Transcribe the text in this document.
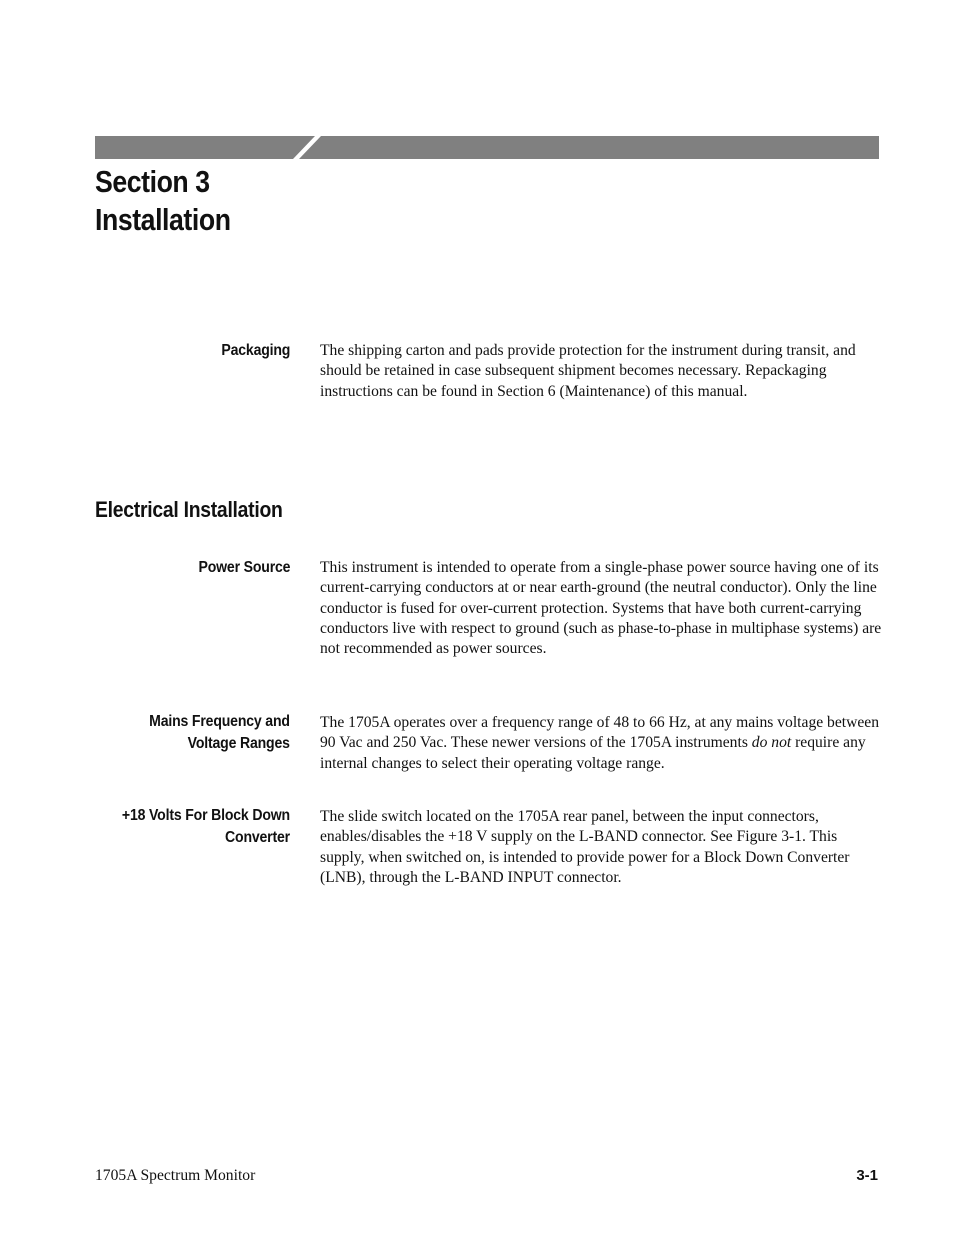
Section 3
Installation
Packaging The shipping carton and pads provide protection for the instrument during transit, and should be retained in case subsequent shipment becomes necessary. Repackaging instructions can be found in Section 6 (Maintenance) of this manual.

Electrical Installation
Power Source This instrument is intended to operate from a single-phase power source having one of its current-carrying conductors at or near earth-ground (the neutral conductor). Only the line conductor is fused for over-current protection. Systems that have both current-carrying conductors live with respect to ground (such as phase-to-phase in multiphase systems) are not recommended as power sources.

Mains Frequency and
Voltage Ranges

The 1705A operates over a frequency range of 48 to 66 Hz, at any mains voltage between 90 Vac and 250 Vac. These newer versions of the 1705A instruments do not require any internal changes to select their operating voltage range.

+18 Volts For Block Down
Converter

The slide switch located on the 1705A rear panel, between the input connectors, enables/disables the +18 V supply on the L-BAND connector. See Figure 3-1. This supply, when switched on, is intended to provide power for a Block Down Converter (LNB), through the L-BAND INPUT connector.

1705A Spectrum Monitor	3-1
